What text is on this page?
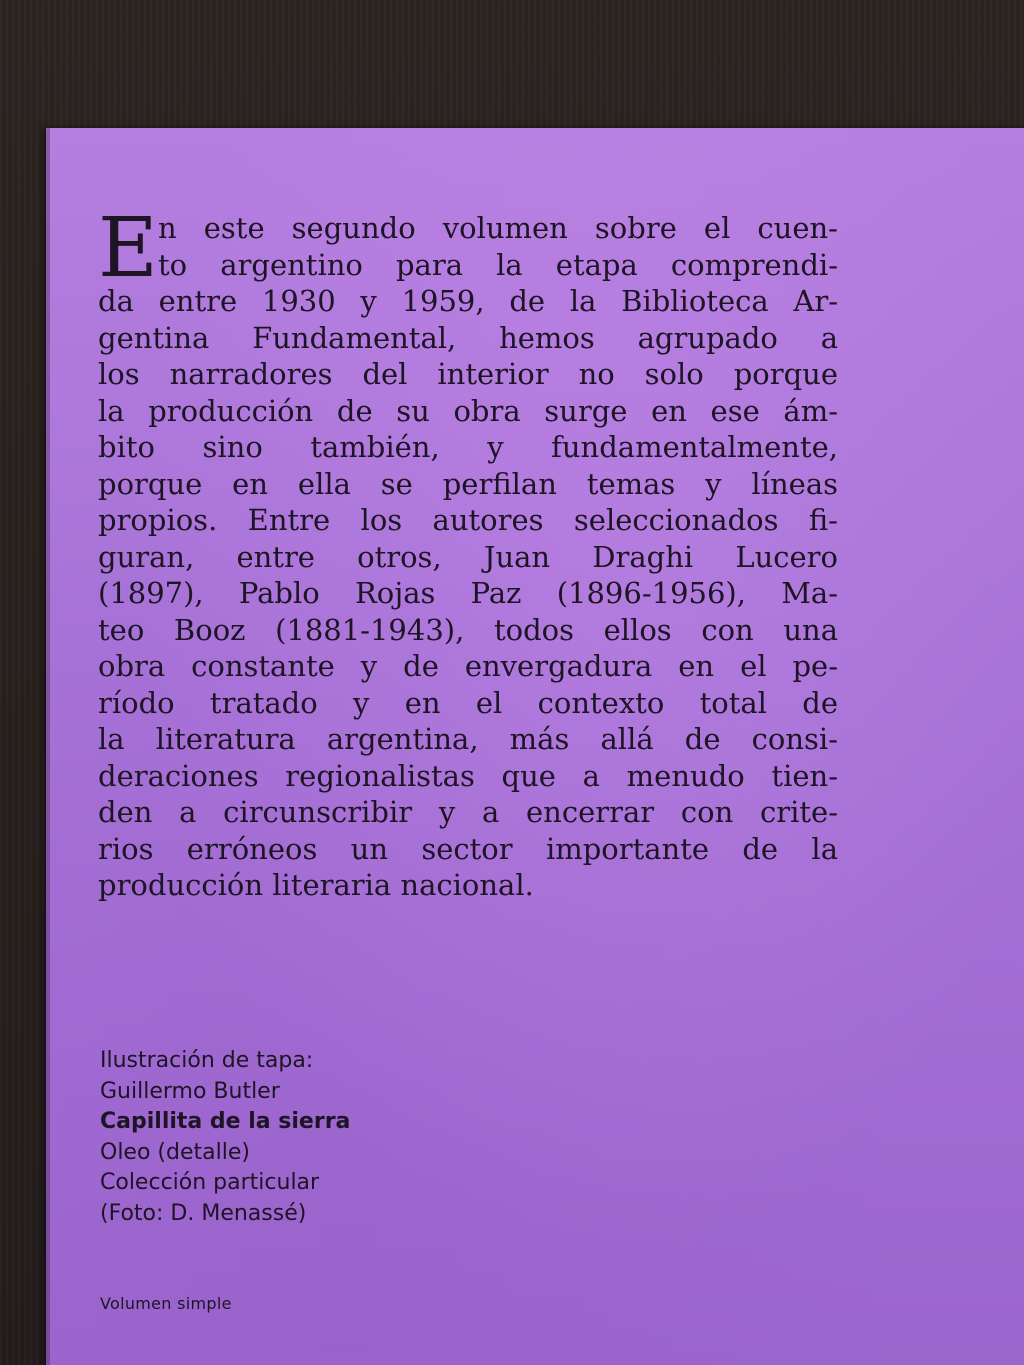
E n este segundo volumen sobre el cuen-
to argentino para la etapa comprendi-
da entre 1930 y 1959, de la Biblioteca Ar-
gentina Fundamental, hemos agrupado a
los narradores del interior no solo porque
la producción de su obra surge en ese ám-
bito sino también, y fundamentalmente,
porque en ella se perfilan temas y líneas
propios. Entre los autores seleccionados fi-
guran, entre otros, Juan Draghi Lucero
(1897), Pablo Rojas Paz (1896-1956), Ma-
teo Booz (1881-1943), todos ellos con una
obra constante y de envergadura en el pe-
ríodo tratado y en el contexto total de
la literatura argentina, más allá de consi-
deraciones regionalistas que a menudo tien-
den a circunscribir y a encerrar con crite-
rios erróneos un sector importante de la
producción literaria nacional.
Ilustración de tapa:
Guillermo Butler
Capillita de la sierra
Oleo (detalle)
Colección particular
(Foto: D. Menassé)
Volumen simple
